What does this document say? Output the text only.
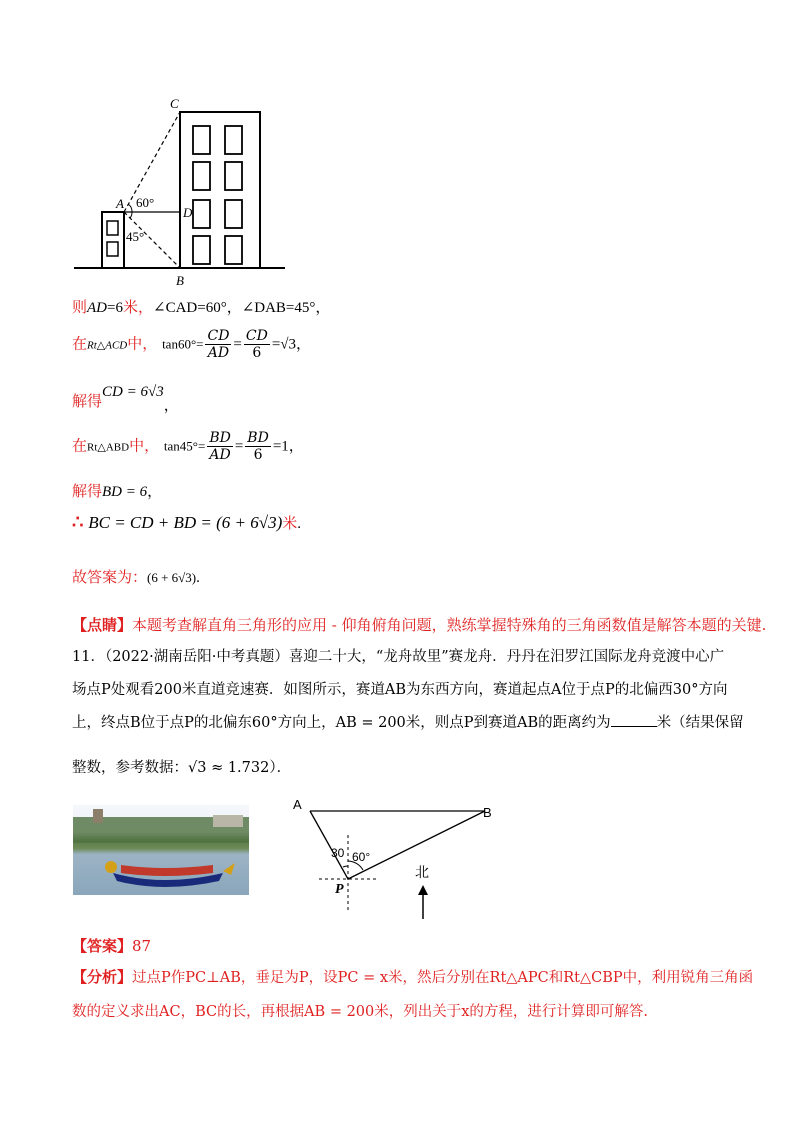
C
A
D
B
60°
45°
则AD=6米，∠CAD=60°，∠DAB=45°，
在Rt△ACD中， $\tan 60^\circ= \frac{CD}{AD} = \frac{CD}{6} =√3$，
解得CD = 6√3，
在Rt△ABD中， $\tan 45^\circ= \frac{BD}{AD} = \frac{BD}{6} =1$，
解得BD = 6，
∴ BC = CD + BD = (6 + 6√3)米.
故答案为：(6 + 6√3).
【点睛】本题考查解直角三角形的应用 - 仰角俯角问题，熟练掌握特殊角的三角函数值是解答本题的关键.
11．（2022·湖南岳阳·中考真题）喜迎二十大，“龙舟故里”赛龙舟．丹丹在汨罗江国际龙舟竞渡中心广
场点P处观看200米直道竞速赛．如图所示，赛道AB为东西方向，赛道起点A位于点P的北偏西30°方向
上，终点B位于点P的北偏东60°方向上，AB = 200米，则点P到赛道AB的距离约为	米（结果保留
整数，参考数据：√3 ≈ 1.732）．
A
B
P
30 60°
北
【答案】87
【分析】过点P作PC⊥AB，垂足为P，设PC = x米，然后分别在Rt△APC和Rt△CBP中，利用锐角三角函
数的定义求出AC，BC的长，再根据AB = 200米，列出关于x的方程，进行计算即可解答.
